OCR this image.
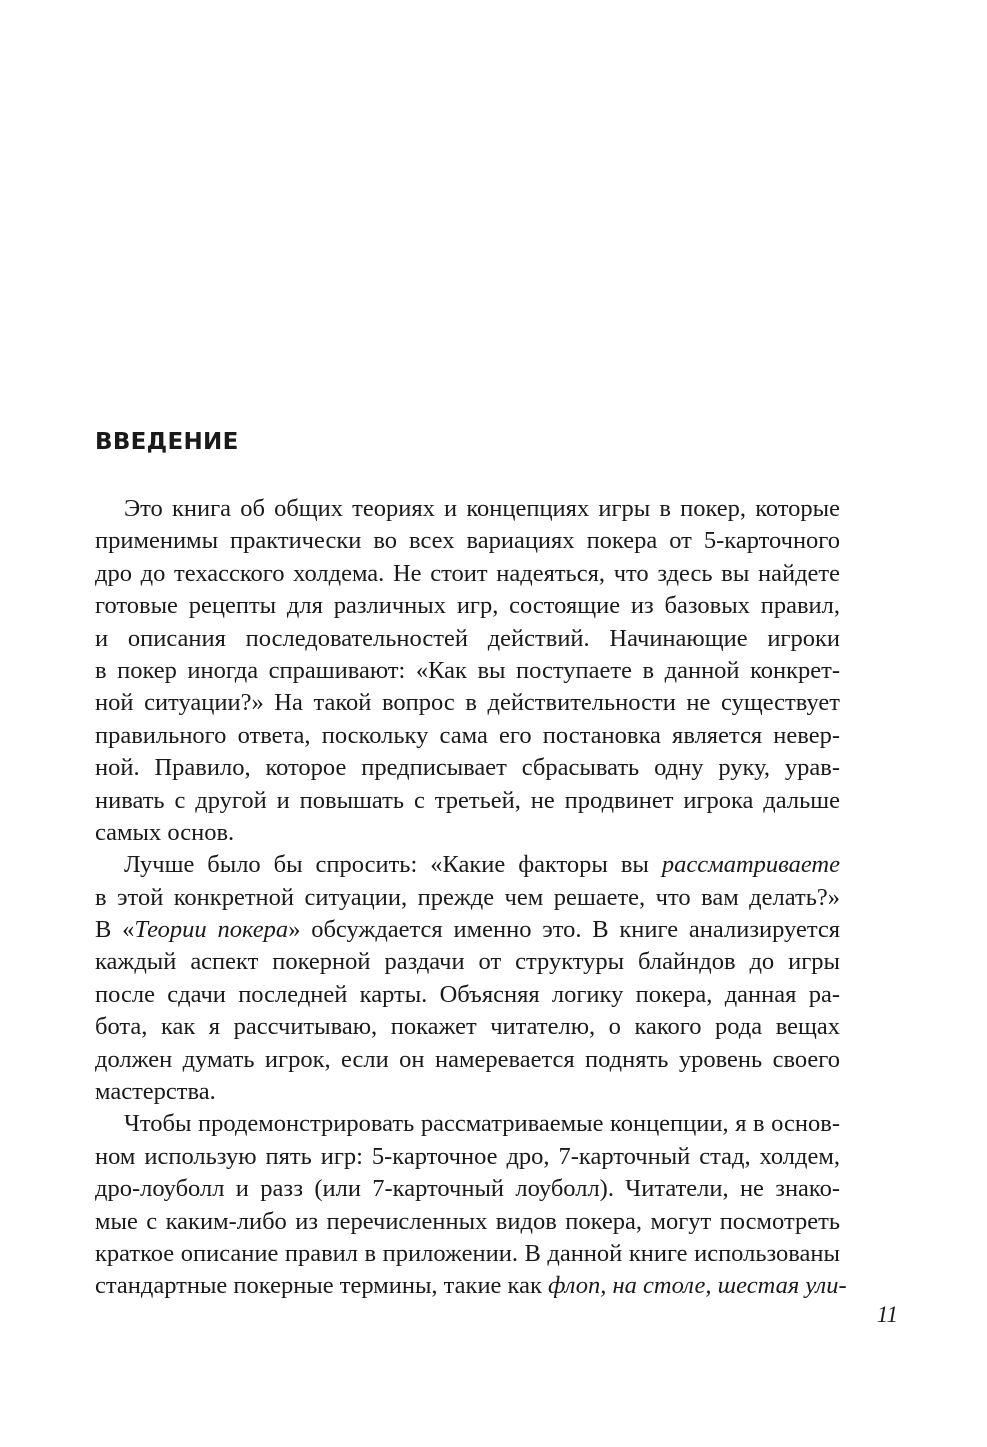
ВВЕДЕНИЕ
Это книга об общих теориях и концепциях игры в покер, которые
применимы практически во всех вариациях покера от 5-карточного
дро до техасского холдема. Не стоит надеяться, что здесь вы найдете
готовые рецепты для различных игр, состоящие из базовых правил,
и описания последовательностей действий. Начинающие игроки
в покер иногда спрашивают: «Как вы поступаете в данной конкрет-
ной ситуации?» На такой вопрос в действительности не существует
правильного ответа, поскольку сама его постановка является невер-
ной. Правило, которое предписывает сбрасывать одну руку, урав-
нивать с другой и повышать с третьей, не продвинет игрока дальше
самых основ.
Лучше было бы спросить: «Какие факторы вы рассматриваете
в этой конкретной ситуации, прежде чем решаете, что вам делать?»
В «Теории покера» обсуждается именно это. В книге анализируется
каждый аспект покерной раздачи от структуры блайндов до игры
после сдачи последней карты. Объясняя логику покера, данная ра-
бота, как я рассчитываю, покажет читателю, о какого рода вещах
должен думать игрок, если он намеревается поднять уровень своего
мастерства.
Чтобы продемонстрировать рассматриваемые концепции, я в основ-
ном использую пять игр: 5-карточное дро, 7-карточный стад, холдем,
дро-лоуболл и разз (или 7-карточный лоуболл). Читатели, не знако-
мые с каким-либо из перечисленных видов покера, могут посмотреть
краткое описание правил в приложении. В данной книге использованы
стандартные покерные термины, такие как флоп, на столе, шестая ули-
11
